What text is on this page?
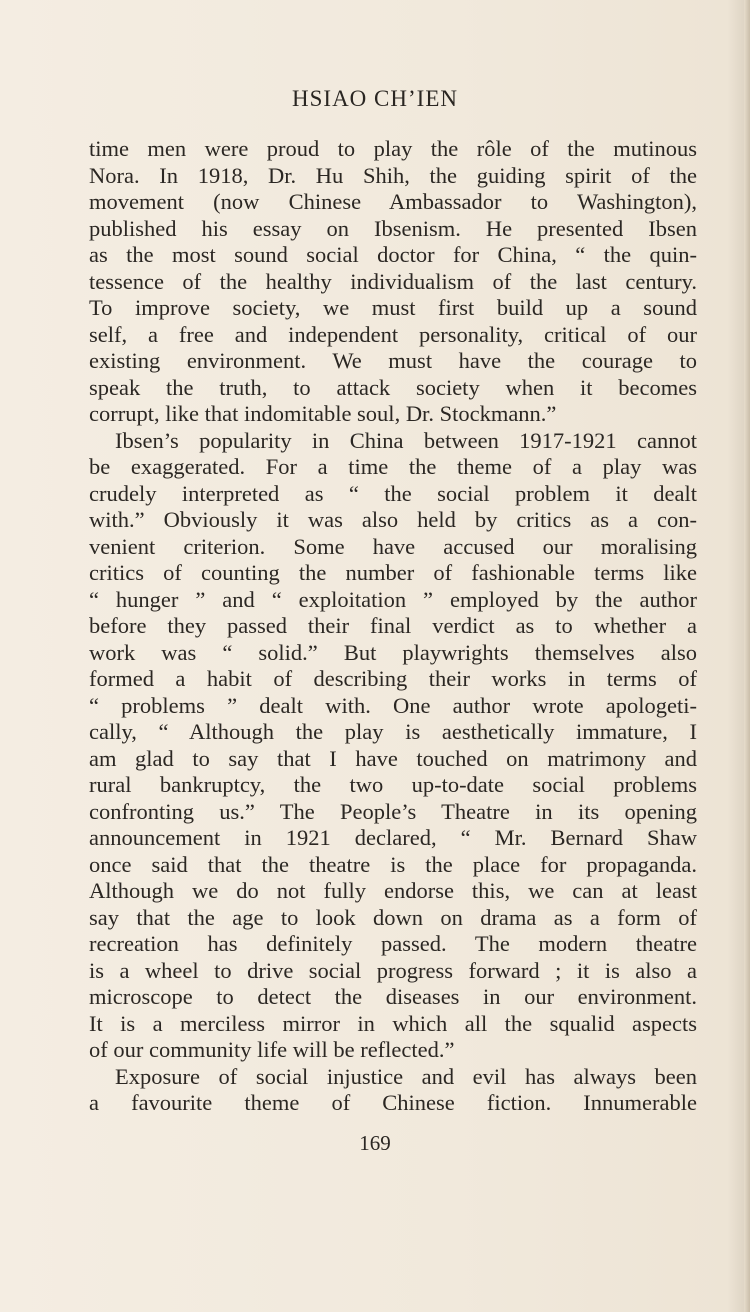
HSIAO CH’IEN
time men were proud to play the rôle of the mutinous
Nora. In 1918, Dr. Hu Shih, the guiding spirit of the
movement (now Chinese Ambassador to Washington),
published his essay on Ibsenism. He presented Ibsen
as the most sound social doctor for China, “ the quin-
tessence of the healthy individualism of the last century.
To improve society, we must first build up a sound
self, a free and independent personality, critical of our
existing environment. We must have the courage to
speak the truth, to attack society when it becomes
corrupt, like that indomitable soul, Dr. Stockmann.”
Ibsen’s popularity in China between 1917-1921 cannot
be exaggerated. For a time the theme of a play was
crudely interpreted as “ the social problem it dealt
with.” Obviously it was also held by critics as a con-
venient criterion. Some have accused our moralising
critics of counting the number of fashionable terms like
“ hunger ” and “ exploitation ” employed by the author
before they passed their final verdict as to whether a
work was “ solid.” But playwrights themselves also
formed a habit of describing their works in terms of
“ problems ” dealt with. One author wrote apologeti-
cally, “ Although the play is aesthetically immature, I
am glad to say that I have touched on matrimony and
rural bankruptcy, the two up-to-date social problems
confronting us.” The People’s Theatre in its opening
announcement in 1921 declared, “ Mr. Bernard Shaw
once said that the theatre is the place for propaganda.
Although we do not fully endorse this, we can at least
say that the age to look down on drama as a form of
recreation has definitely passed. The modern theatre
is a wheel to drive social progress forward ; it is also a
microscope to detect the diseases in our environment.
It is a merciless mirror in which all the squalid aspects
of our community life will be reflected.”
Exposure of social injustice and evil has always been
a favourite theme of Chinese fiction. Innumerable
169
